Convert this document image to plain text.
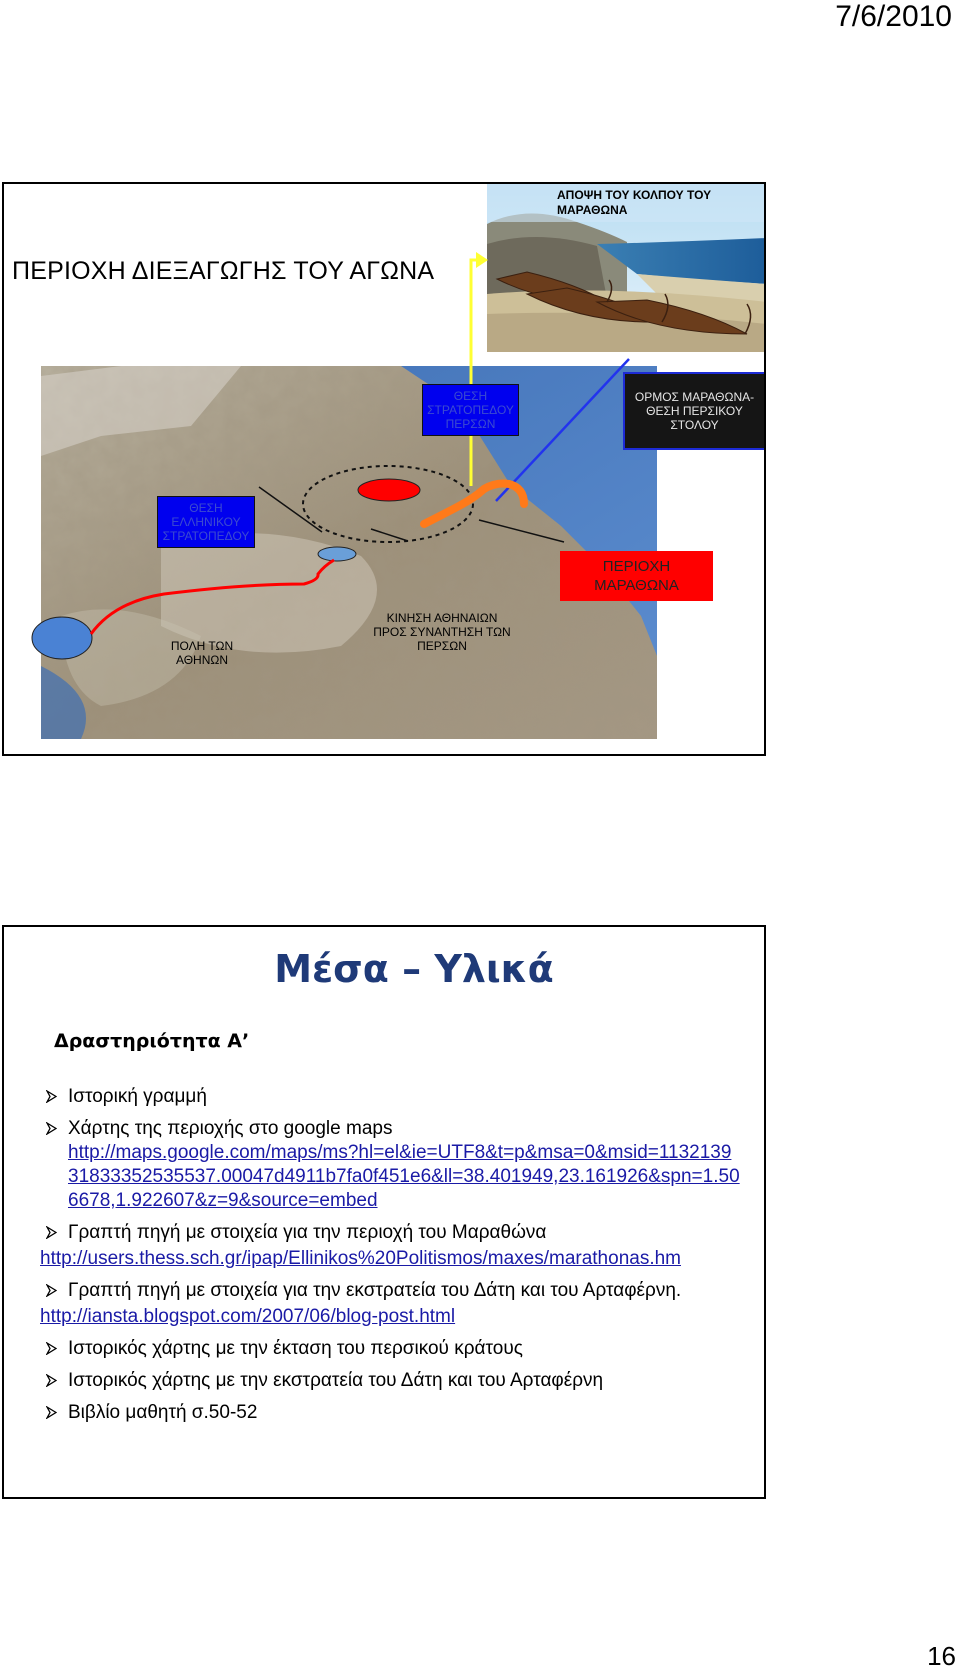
7/6/2010
ΠΕΡΙΟΧΗ ΔΙΕΞΑΓΩΓΗΣ ΤΟΥ ΑΓΩΝΑ
ΑΠΟΨΗ ΤΟΥ ΚΟΛΠΟΥ ΤΟΥ ΜΑΡΑΘΩΝΑ
ΘΕΣΗ ΣΤΡΑΤΟΠΕΔΟΥ ΠΕΡΣΩΝ
ΟΡΜΟΣ ΜΑΡΑΘΩΝΑ-ΘΕΣΗ ΠΕΡΣΙΚΟΥ ΣΤΟΛΟΥ
ΘΕΣΗ ΕΛΛΗΝΙΚΟΥ ΣΤΡΑΤΟΠΕΔΟΥ
ΠΕΡΙΟΧΗ ΜΑΡΑΘΩΝΑ
ΠΟΛΗ ΤΩΝ ΑΘΗΝΩΝ
ΚΙΝΗΣΗ ΑΘΗΝΑΙΩΝ ΠΡΟΣ ΣΥΝΑΝΤΗΣΗ ΤΩΝ ΠΕΡΣΩΝ
Μέσα – Υλικά
Δραστηριότητα Α’
Ιστορική γραμμή
Χάρτης της περιοχής στο google maps
http://maps.google.com/maps/ms?hl=el&ie=UTF8&t=p&msa=0&msid=113213931833352535537.00047d4911b7fa0f451e6&ll=38.401949,23.161926&spn=1.506678,1.922607&z=9&source=embed
Γραπτή πηγή με στοιχεία για την περιοχή του Μαραθώνα
http://users.thess.sch.gr/ipap/Ellinikos%20Politismos/maxes/marathonas.hm
Γραπτή πηγή με στοιχεία για την εκστρατεία του Δάτη και του Αρταφέρνη.
http://iansta.blogspot.com/2007/06/blog-post.html
Ιστορικός χάρτης με την έκταση του περσικού κράτους
Ιστορικός χάρτης με την εκστρατεία του Δάτη και του Αρταφέρνη
Βιβλίο μαθητή σ.50-52
16
